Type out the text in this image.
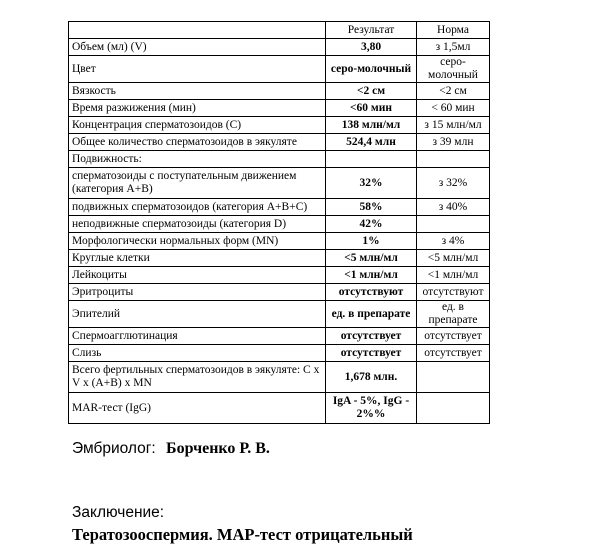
	Результат	Норма
Объем (мл) (V)	3,80	з 1,5мл
Цвет	серо-молочный	серо-молочный
Вязкость	<2 см	<2 см
Время разжижения (мин)	<60 мин	< 60 мин
Концентрация сперматозоидов (С)	138 млн/мл	з 15 млн/мл
Общее количество сперматозоидов в эякуляте	524,4 млн	з 39 млн
Подвижность:		
сперматозоиды с поступательным движением (категория А+В)	32%	з 32%
подвижных сперматозоидов (категория А+В+С)	58%	з 40%
неподвижные сперматозоиды (категория D)	42%	
Морфологически нормальных форм (MN)	1%	з 4%
Круглые клетки	<5 млн/мл	<5 млн/мл
Лейкоциты	<1 млн/мл	<1 млн/мл
Эритроциты	отсутствуют	отсутствуют
Эпителий	ед. в препарате	ед. в препарате
Спермоагглютинация	отсутствует	отсутствует
Слизь	отсутствует	отсутствует
Всего фертильных сперматозоидов в эякуляте: C x V x (A+B) x MN	1,678 млн.	
MAR-тест (IgG)	IgA - 5%, IgG - 2%%	
Эмбриолог: Борченко Р. В.
Заключение:
Тератозооспермия. MAP-тест отрицательный
